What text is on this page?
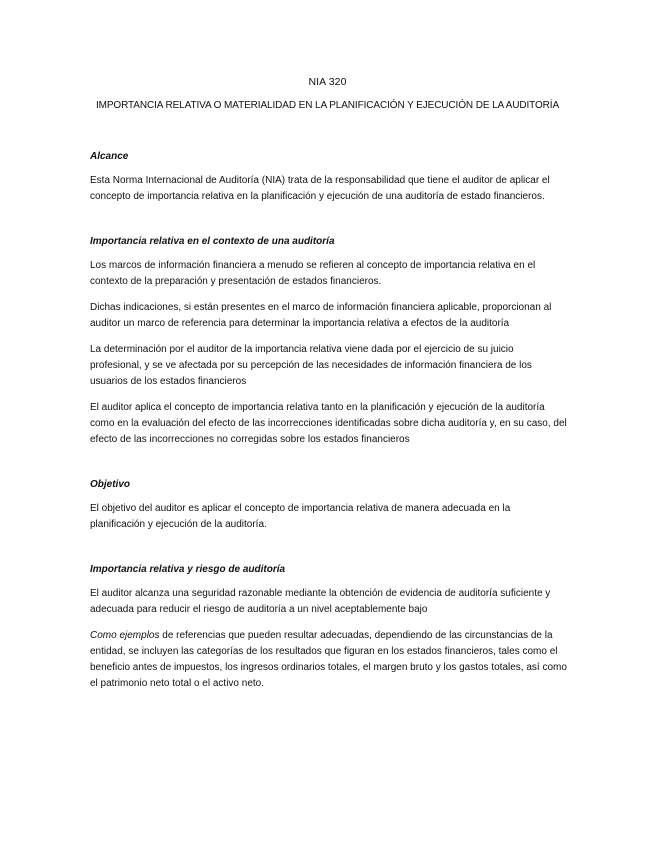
NIA 320
IMPORTANCIA RELATIVA O MATERIALIDAD EN LA PLANIFICACIÓN Y EJECUCIÓN DE LA AUDITORÍA
Alcance

Esta Norma Internacional de Auditoría (NIA) trata de la responsabilidad que tiene el auditor de aplicar el concepto de importancia relativa en la planificación y ejecución de una auditoría de estado financieros.

Importancia relativa en el contexto de una auditoría

Los marcos de información financiera a menudo se refieren al concepto de importancia relativa en el contexto de la preparación y presentación de estados financieros.

Dichas indicaciones, si están presentes en el marco de información financiera aplicable, proporcionan al auditor un marco de referencia para determinar la importancia relativa a efectos de la auditoría

La determinación por el auditor de la importancia relativa viene dada por el ejercicio de su juicio profesional, y se ve afectada por su percepción de las necesidades de información financiera de los usuarios de los estados financieros

El auditor aplica el concepto de importancia relativa tanto en la planificación y ejecución de la auditoría como en la evaluación del efecto de las incorrecciones identificadas sobre dicha auditoría y, en su caso, del efecto de las incorrecciones no corregidas sobre los estados financieros

Objetivo

El objetivo del auditor es aplicar el concepto de importancia relativa de manera adecuada en la planificación y ejecución de la auditoría.

Importancia relativa y riesgo de auditoría

El auditor alcanza una seguridad razonable mediante la obtención de evidencia de auditoría suficiente y adecuada para reducir el riesgo de auditoría a un nivel aceptablemente bajo

Como ejemplos de referencias que pueden resultar adecuadas, dependiendo de las circunstancias de la entidad, se incluyen las categorías de los resultados que figuran en los estados financieros, tales como el beneficio antes de impuestos, los ingresos ordinarios totales, el margen bruto y los gastos totales, así como el patrimonio neto total o el activo neto.
